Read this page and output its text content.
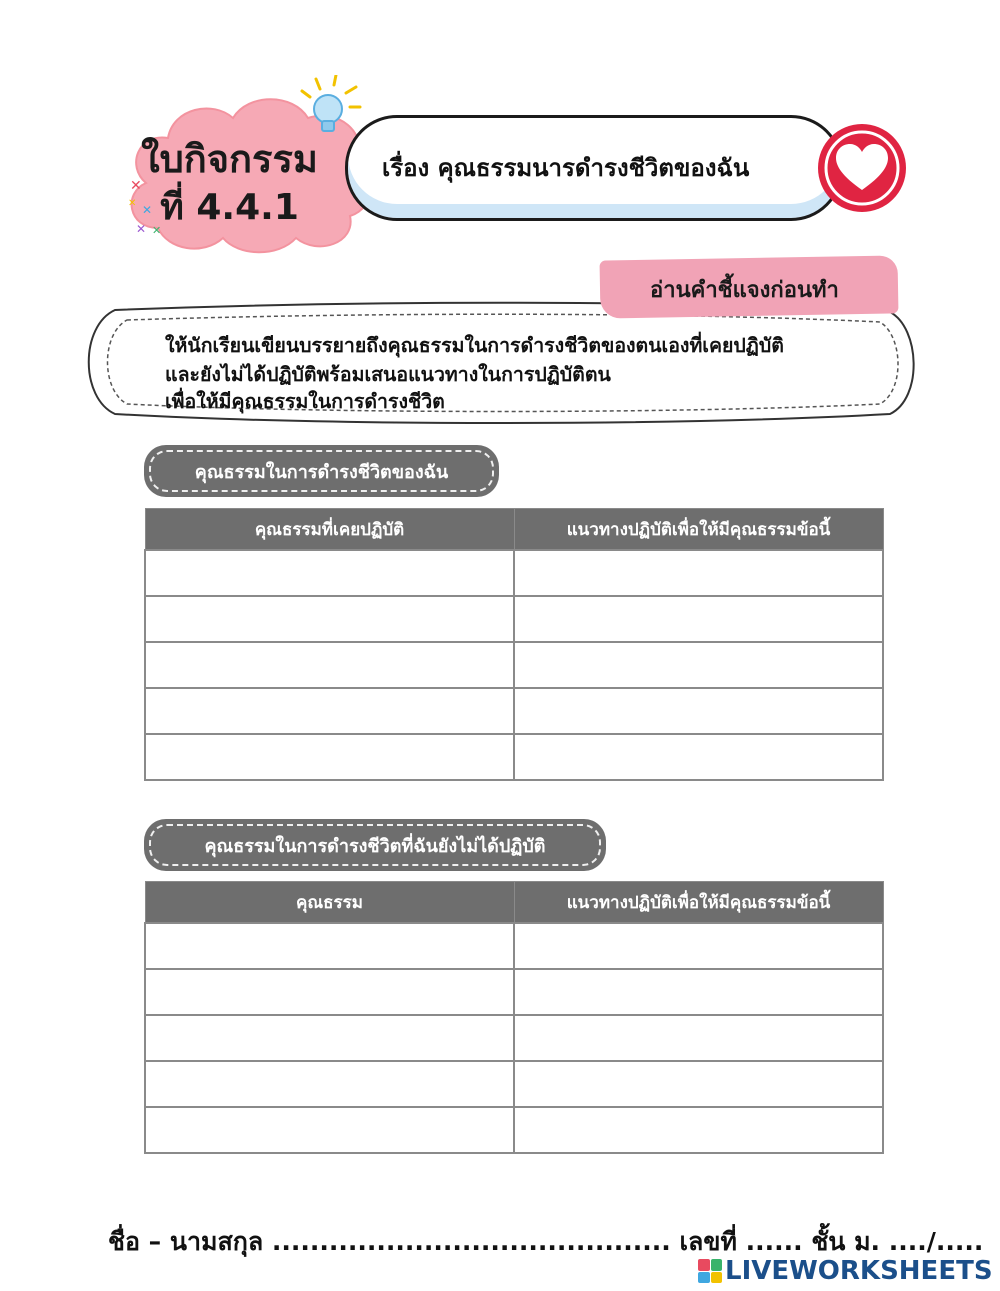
✕
✕
✕
✕ ✕
ใบกิจกรรม
ที่ 4.4.1
เรื่อง คุณธรรมนารดำรงชีวิตของฉัน
อ่านคำชี้แจงก่อนทำ
ให้นักเรียนเขียนบรรยายถึงคุณธรรมในการดำรงชีวิตของตนเองที่เคยปฏิบัติ
และยังไม่ได้ปฏิบัติพร้อมเสนอแนวทางในการปฏิบัติตน
เพื่อให้มีคุณธรรมในการดำรงชีวิต
คุณธรรมในการดำรงชีวิตของฉัน
คุณธรรมที่เคยปฏิบัติ	แนวทางปฏิบัติเพื่อให้มีคุณธรรมข้อนี้

คุณธรรมในการดำรงชีวิตที่ฉันยังไม่ได้ปฏิบัติ
คุณธรรม	แนวทางปฏิบัติเพื่อให้มีคุณธรรมข้อนี้

ชื่อ – นามสกุล .......................................... เลขที่ ...... ชั้น ม. ..../.....
LIVEWORKSHEETS
